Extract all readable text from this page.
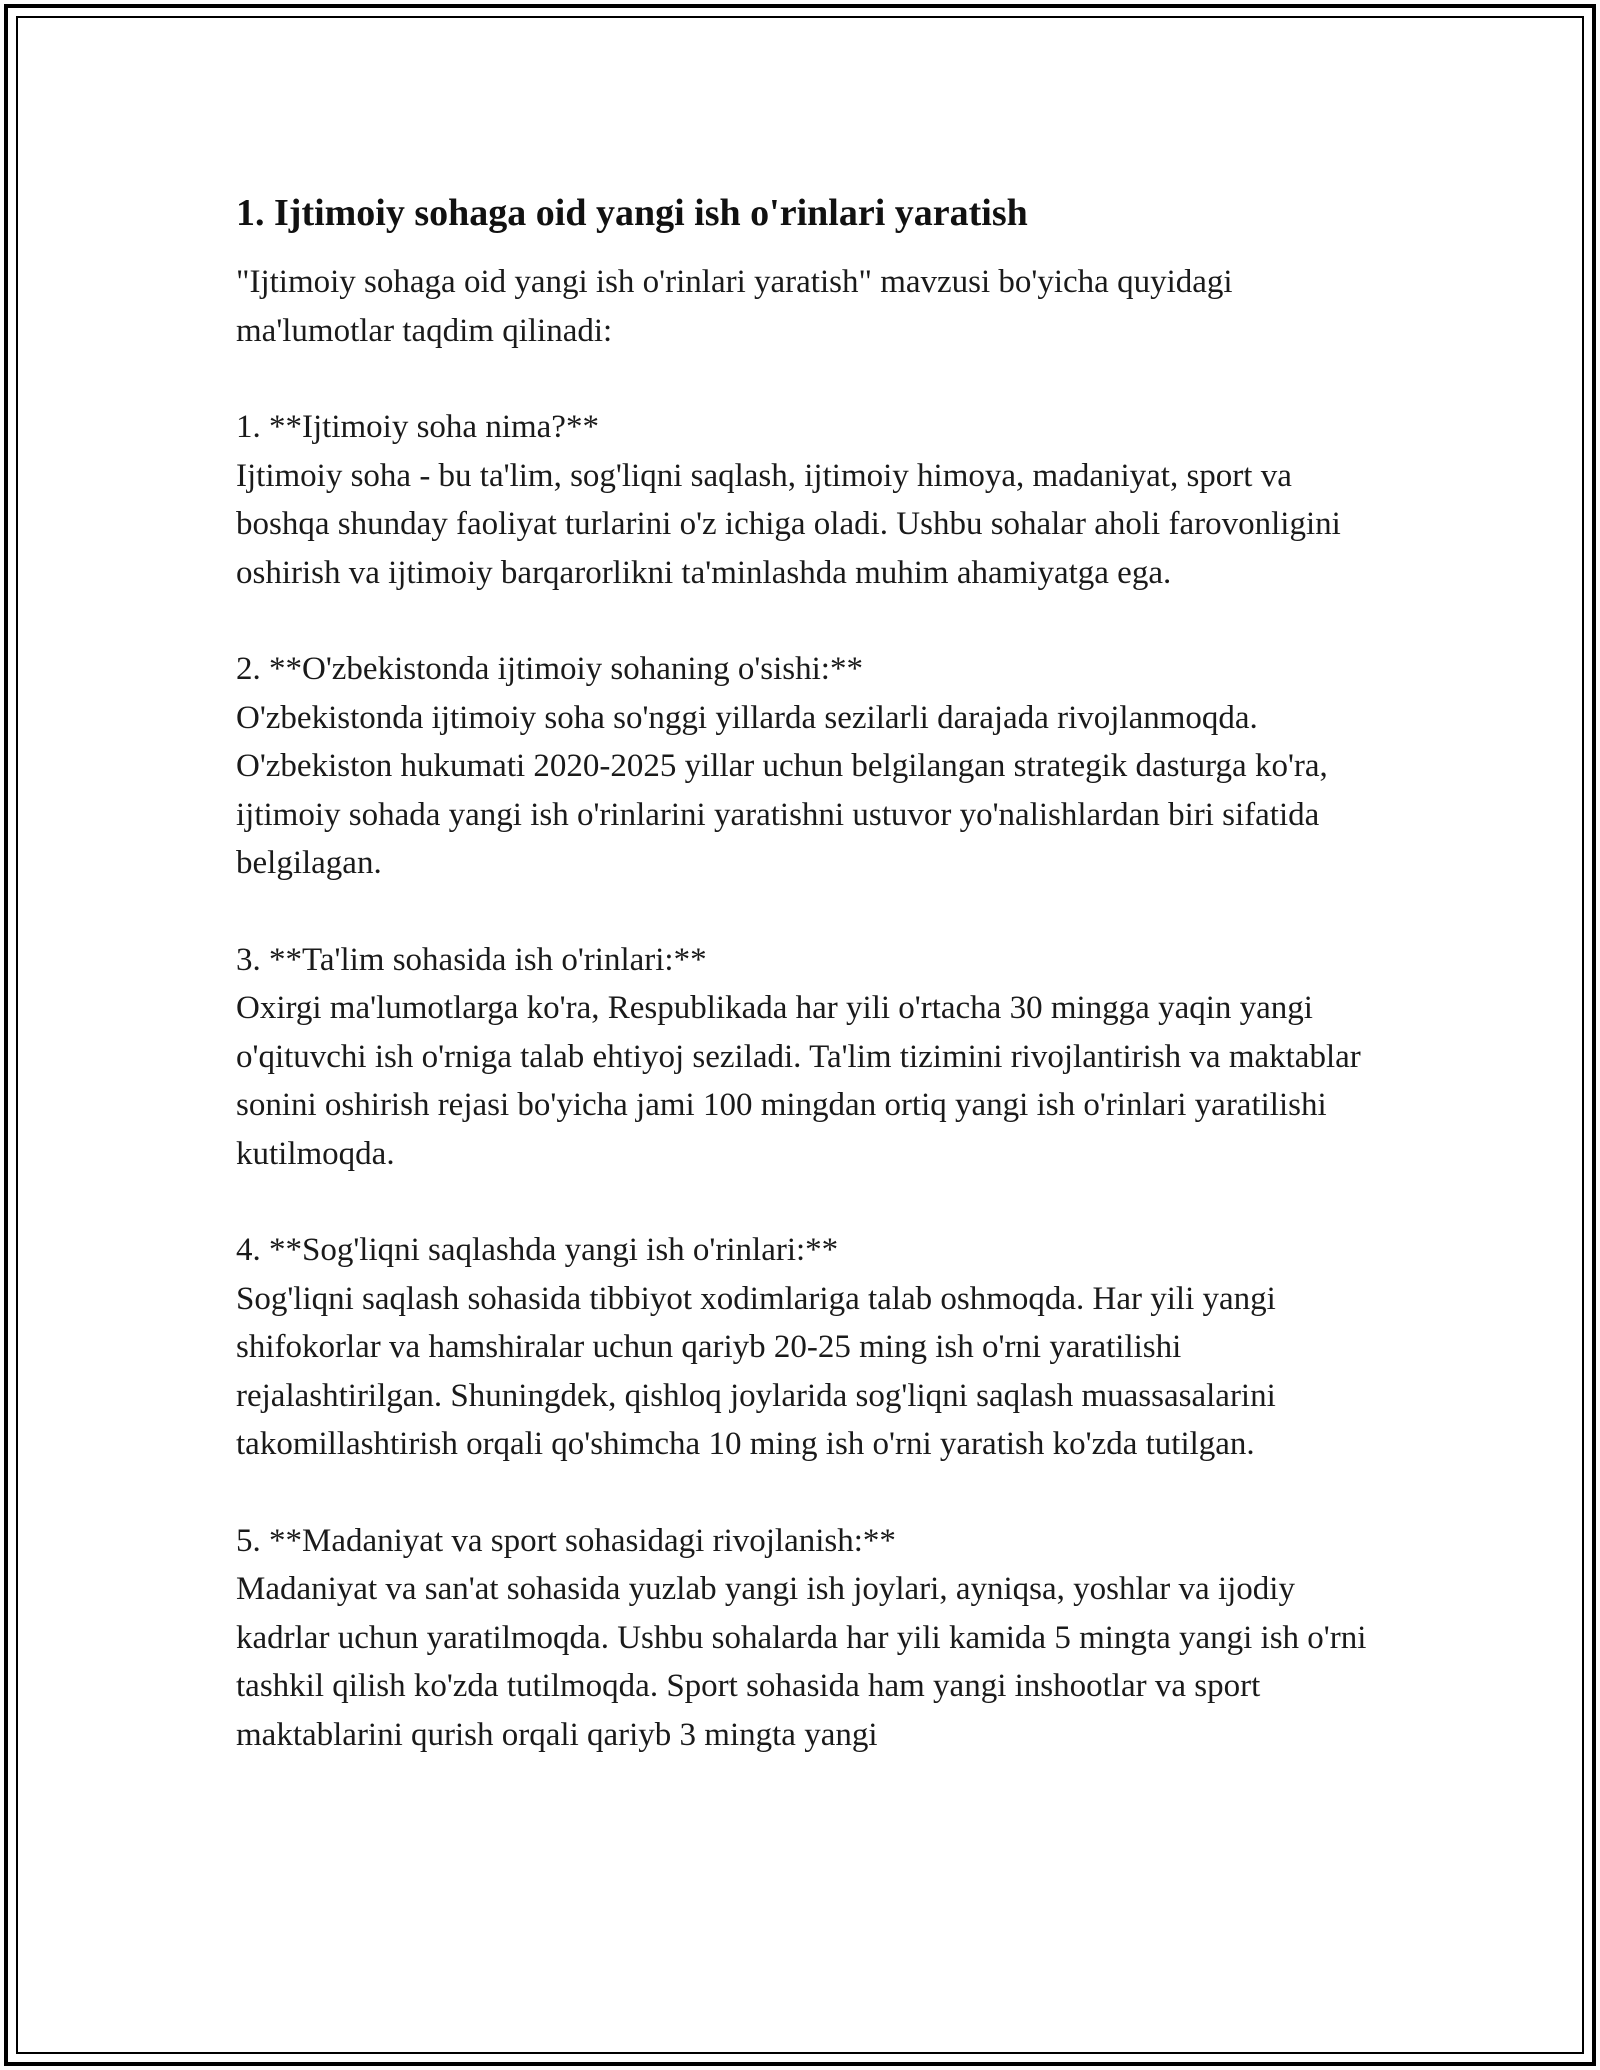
1. Ijtimoiy sohaga oid yangi ish o'rinlari yaratish

"Ijtimoiy sohaga oid yangi ish o'rinlari yaratish" mavzusi bo'yicha quyidagi ma'lumotlar taqdim qilinadi:

1. **Ijtimoiy soha nima?**

Ijtimoiy soha - bu ta'lim, sog'liqni saqlash, ijtimoiy himoya, madaniyat, sport va boshqa shunday faoliyat turlarini o'z ichiga oladi. Ushbu sohalar aholi farovonligini oshirish va ijtimoiy barqarorlikni ta'minlashda muhim ahamiyatga ega.

2. **O'zbekistonda ijtimoiy sohaning o'sishi:**

O'zbekistonda ijtimoiy soha so'nggi yillarda sezilarli darajada rivojlanmoqda. O'zbekiston hukumati 2020-2025 yillar uchun belgilangan strategik dasturga ko'ra, ijtimoiy sohada yangi ish o'rinlarini yaratishni ustuvor yo'nalishlardan biri sifatida belgilagan.

3. **Ta'lim sohasida ish o'rinlari:**

Oxirgi ma'lumotlarga ko'ra, Respublikada har yili o'rtacha 30 mingga yaqin yangi o'qituvchi ish o'rniga talab ehtiyoj seziladi. Ta'lim tizimini rivojlantirish va maktablar sonini oshirish rejasi bo'yicha jami 100 mingdan ortiq yangi ish o'rinlari yaratilishi kutilmoqda.

4. **Sog'liqni saqlashda yangi ish o'rinlari:**

Sog'liqni saqlash sohasida tibbiyot xodimlariga talab oshmoqda. Har yili yangi shifokorlar va hamshiralar uchun qariyb 20-25 ming ish o'rni yaratilishi rejalashtirilgan. Shuningdek, qishloq joylarida sog'liqni saqlash muassasalarini takomillashtirish orqali qo'shimcha 10 ming ish o'rni yaratish ko'zda tutilgan.

5. **Madaniyat va sport sohasidagi rivojlanish:**

Madaniyat va san'at sohasida yuzlab yangi ish joylari, ayniqsa, yoshlar va ijodiy kadrlar uchun yaratilmoqda. Ushbu sohalarda har yili kamida 5 mingta yangi ish o'rni tashkil qilish ko'zda tutilmoqda. Sport sohasida ham yangi inshootlar va sport maktablarini qurish orqali qariyb 3 mingta yangi
